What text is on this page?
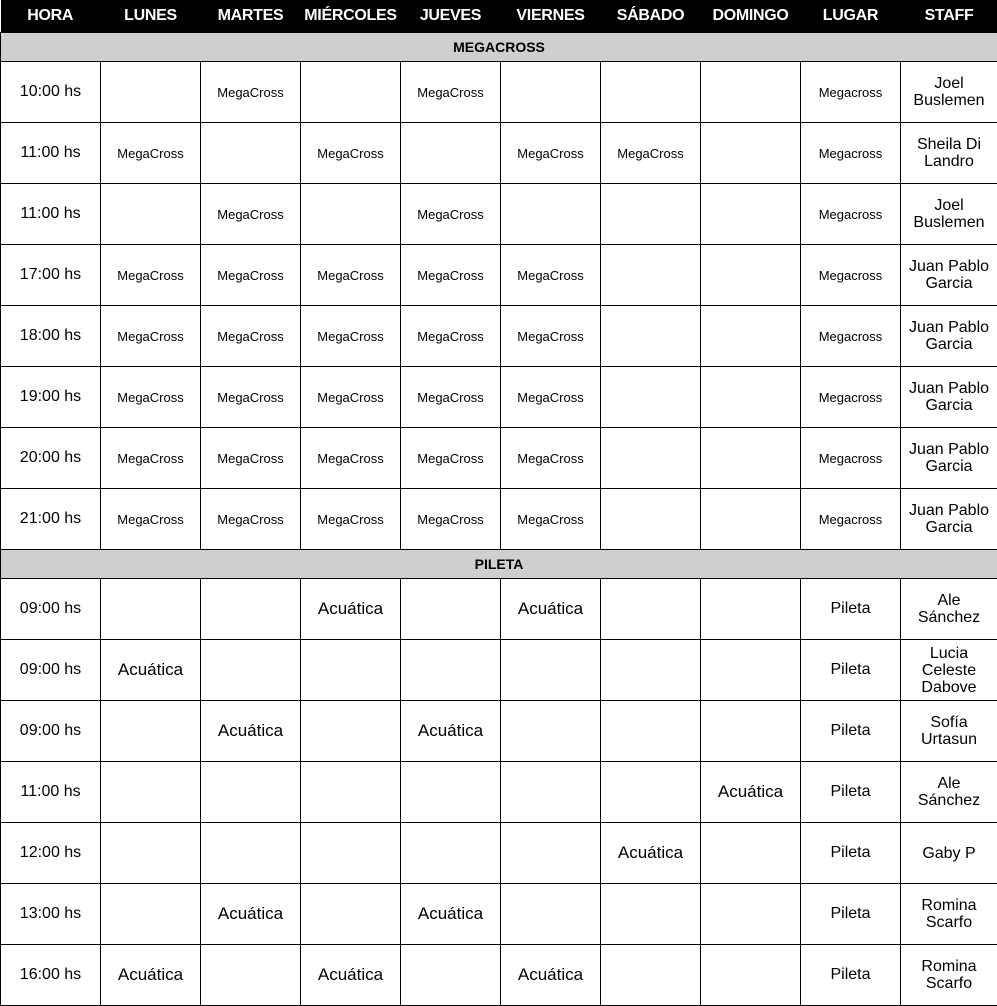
HORA	LUNES	MARTES	MIÉRCOLES	JUEVES	VIERNES	SÁBADO	DOMINGO	LUGAR	STAFF
MEGACROSS									
10:00 hs		MegaCross		MegaCross				Megacross	Joel
Buslemen

11:00 hs	MegaCross		MegaCross		MegaCross	MegaCross		Megacross	Sheila Di
Landro

11:00 hs		MegaCross		MegaCross				Megacross	Joel
Buslemen

17:00 hs	MegaCross	MegaCross	MegaCross	MegaCross	MegaCross			Megacross	Juan Pablo
Garcia

18:00 hs	MegaCross	MegaCross	MegaCross	MegaCross	MegaCross			Megacross	Juan Pablo
Garcia

19:00 hs	MegaCross	MegaCross	MegaCross	MegaCross	MegaCross			Megacross	Juan Pablo
Garcia

20:00 hs	MegaCross	MegaCross	MegaCross	MegaCross	MegaCross			Megacross	Juan Pablo
Garcia

21:00 hs	MegaCross	MegaCross	MegaCross	MegaCross	MegaCross			Megacross	Juan Pablo
Garcia

PILETA									
09:00 hs			Acuática		Acuática			Pileta	Ale
Sánchez

09:00 hs	Acuática							Pileta	Lucia
Celeste
Dabove

09:00 hs		Acuática		Acuática				Pileta	Sofía
Urtasun

11:00 hs							Acuática	Pileta	Ale
Sánchez

12:00 hs						Acuática		Pileta	Gaby P

13:00 hs		Acuática		Acuática				Pileta	Romina
Scarfo

16:00 hs	Acuática		Acuática		Acuática			Pileta	Romina
Scarfo
